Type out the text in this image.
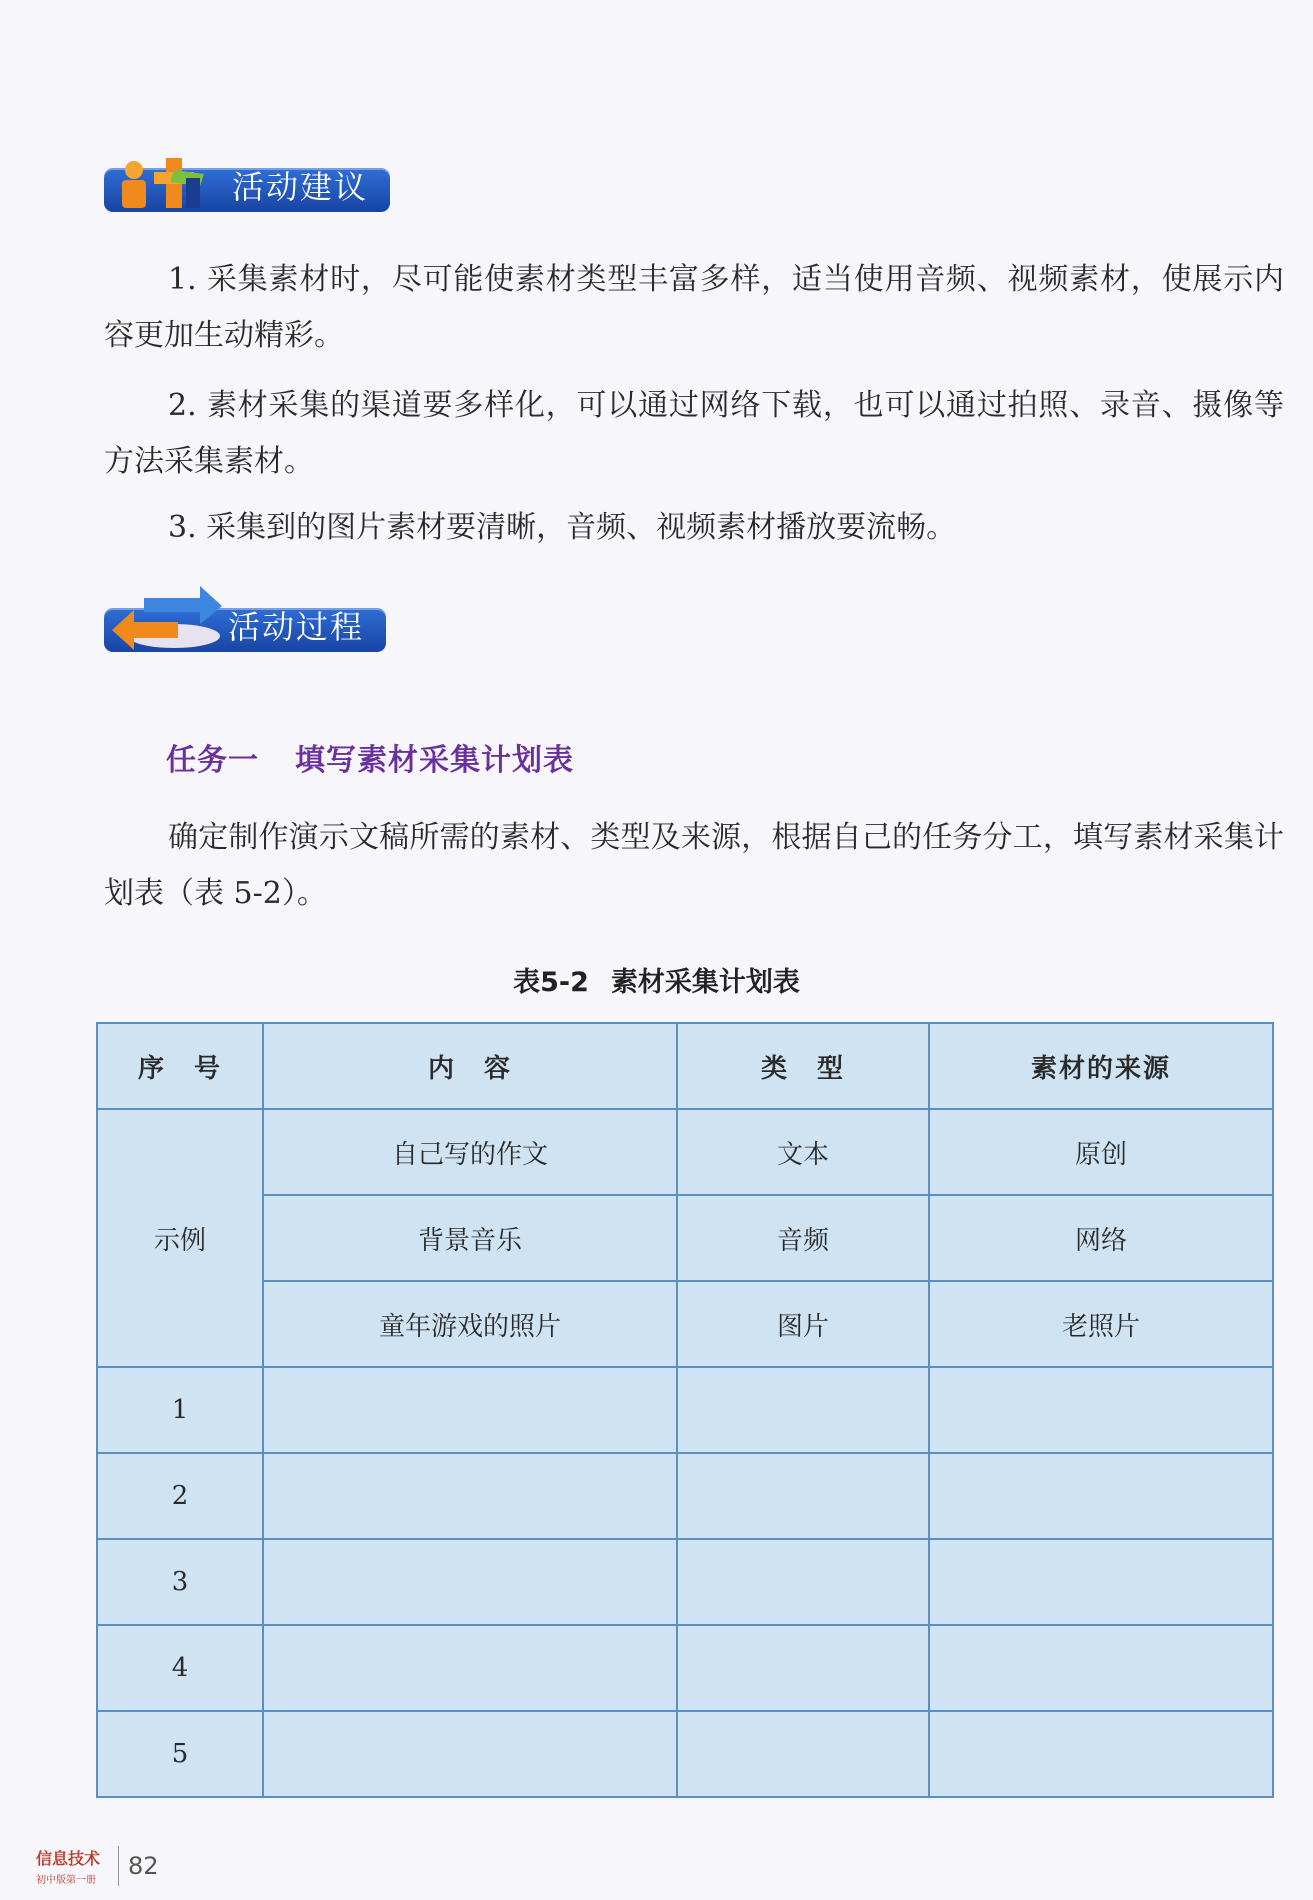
活动建议

1. 采集素材时，尽可能使素材类型丰富多样，适当使用音频、视频素材，使展示内容更加生动精彩。

2. 素材采集的渠道要多样化，可以通过网络下载，也可以通过拍照、录音、摄像等方法采集素材。

3. 采集到的图片素材要清晰，音频、视频素材播放要流畅。

活动过程
任务一 填写素材采集计划表

确定制作演示文稿所需的素材、类型及来源，根据自己的任务分工，填写素材采集计划表（表 5-2）。

表5-2 素材采集计划表
序　号	内　容	类　型	素材的来源
示例	自己写的作文	文本	原创
	背景音乐	音频	网络
	童年游戏的照片	图片	老照片
1			
2			
3			
4			
5			
信息技术
初中版第一册
82
